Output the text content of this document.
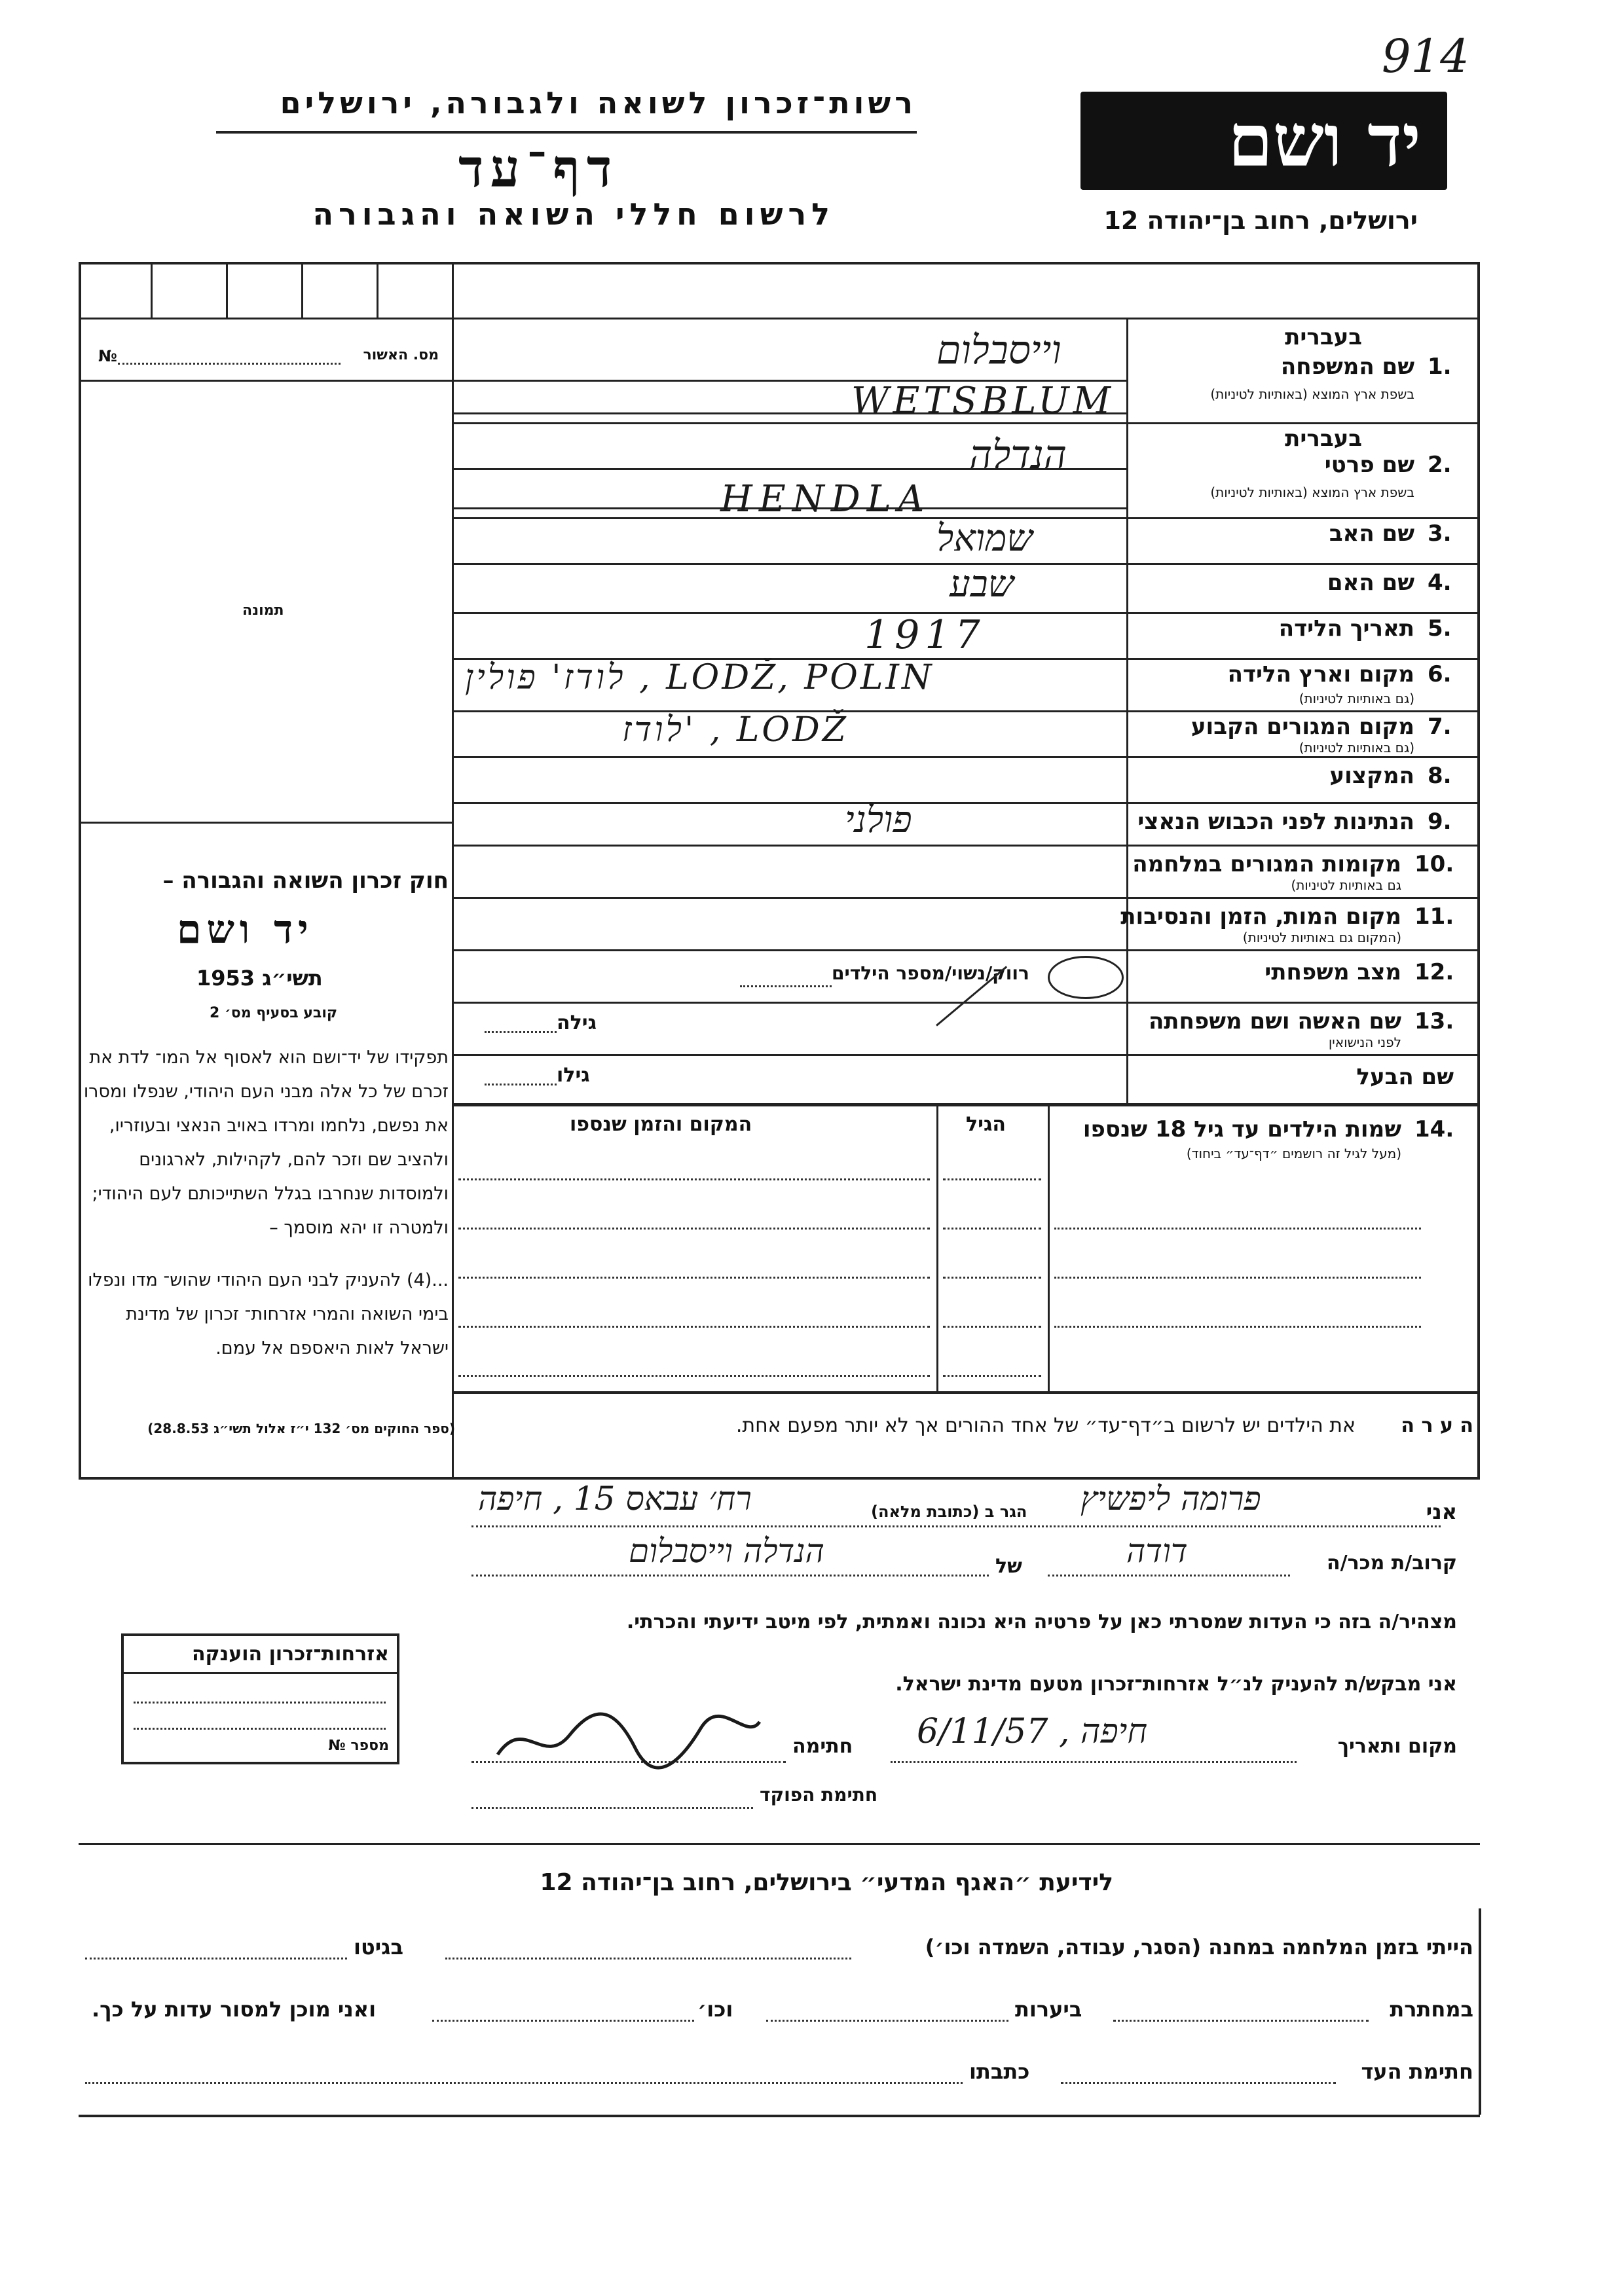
914
יד ושם
רשות־זכרון לשואה ולגבורה, ירושלים
דף־עד
לרשום חללי השואה והגבורה	ירושלים, רחוב בן־יהודה 12
№	מס. האשור
תמונה
חוק זכרון השואה והגבורה –
יד ושם
תשי״ג 1953
קובע בסעיף מס׳ 2
תפקידו של יד־ושם הוא לאסוף אל המו־ לדת את זכרם של כל אלה מבני העם היהודי, שנפלו ומסרו את נפשם, נלחמו ומרדו באויב הנאצי ובעוזריו, ולהציב שם וזכר להם, לקהילות, לארגונים ולמוסדות שנחרבו בגלל השתייכותם לעם היהודי; ולמטרה זו יהא מוסמך –
...(4) להעניק לבני העם היהודי שהוש־ מדו ונפלו בימי השואה והמרי אזרחות־ זכרון של מדינת ישראל לאות היאספם אל עמם.
(ספר החוקים מס׳ 132 י״ז אלול תשי״ג 28.8.53)
בעברית
1.
שם המשפחה
בשפת ארץ המוצא (באותיות לטיניות)
וייסבלום
WETSBLUM
בעברית
2.
שם פרטי
בשפת ארץ המוצא (באותיות לטיניות)
הנדלה
HENDLA
3.
שם האב
שמואל
4.
שם האם
שבע
5.
תאריך הלידה
1917
6.
מקום וארץ הלידה
(גם באותיות לטיניות)
לודז' פולין , LODŽ, POLIN
7.
מקום המגורים הקבוע
(גם באותיות לטיניות)
לודז' , LODŽ
8.
המקצוע
9.
הנתינות לפני הכבוש הנאצי
פולני
10.
מקומות המגורים במלחמה
גם באותיות לטיניות)
11.
מקום המות, הזמן והנסיבות
(המקום גם באותיות לטיניות)
12.
מצב משפחתי
רווק/נשוי/מספר הילדים
13.
שם האשה ושם משפחתה
לפני הנישואין
גילה
שם הבעל
גילו
14.
שמות הילדים עד גיל 18 שנספו
(מעל לגיל זה רושמים ״דף־עד״ ביחוד)
הגיל
המקום והזמן שנספו
ה ע ר ה
את הילדים יש לרשום ב״דף־עד״ של אחד ההורים אך לא יותר מפעם אחת.
אני
פרומה ליפשיץ
הגר ב (כתובת מלאה)
רח׳ עבאס 15 , חיפה
קרוב/ת מכר/ה
דודה
של
הנדלה וייסבלום
מצהיר/ה בזה כי העדות שמסרתי כאן על פרטיה היא נכונה ואמתית, לפי מיטב ידיעתי והכרתי.
אני מבקש/ת להעניק לנ״ל אזרחות־זכרון מטעם מדינת ישראל.
מקום ותאריך
חיפה , 6/11/57
חתימה
חתימת הפוקד
אזרחות־זכרון הוענקה
מספר №
לידיעת ״האגף המדעי״ בירושלים, רחוב בן־יהודה 12
הייתי בזמן המלחמה במחנה (הסגר, עבודה, השמדה וכו׳)
בגיטו
במחתרת
ביערות
וכו׳
ואני מוכן למסור עדות על כך.
חתימת העד
כתבתו
